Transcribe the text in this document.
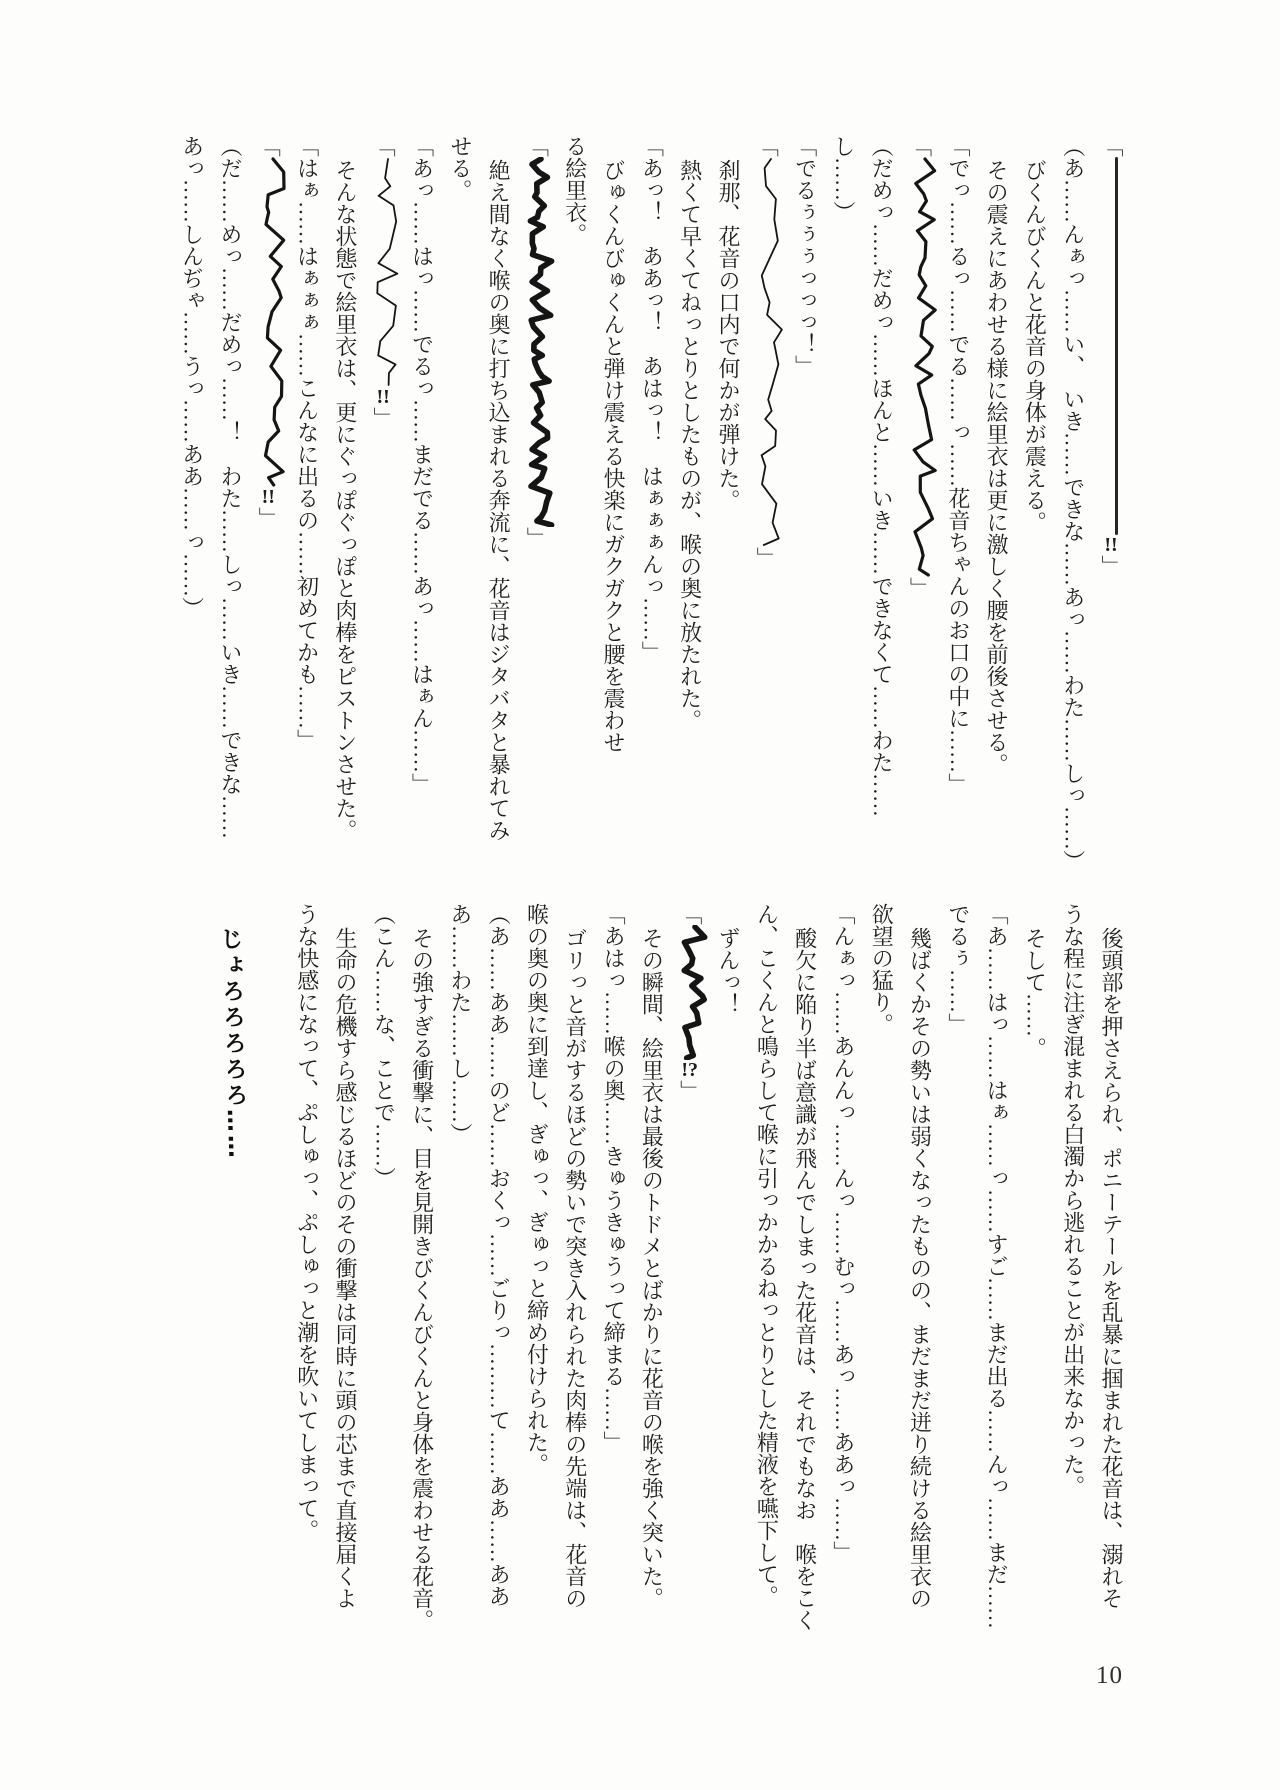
「!!」
（あ……んぁっ……い、　いき……できな……あっ……わた……しっ……）
びくんびくんと花音の身体が震える。
その震えにあわせる様に絵里衣は更に激しく腰を前後させる。
「でっ……るっ……でる……っ……花音ちゃんのお口の中に……」
「」
（だめっ……だめっ……ほんと……いき……できなくて……わた……
し……）
「でるぅぅぅっっっ！」
「」
刹那、花音の口内で何かが弾けた。
熱くて早くてねっとりとしたものが、喉の奥に放たれた。
「あっ！　ああっ！　あはっ！　はぁぁぁんっ……」
びゅくんびゅくんと弾け震える快楽にガクガクと腰を震わせ
る絵里衣。
「」
絶え間なく喉の奥に打ち込まれる奔流に、花音はジタバタと暴れてみ
せる。
「あっ……はっ……でるっ……まだでる……あっ……はぁん……」
「!!」
そんな状態で絵里衣は、更にぐっぽぐっぽと肉棒をピストンさせた。
「はぁ……はぁぁぁ……こんなに出るの……初めてかも……」
「!!」
（だ……めっ……だめっ……！　わた……しっ……いき……できな……
あっ……しんぢゃ……うっ……ああ……っ……）
後頭部を押さえられ、ポニーテールを乱暴に掴まれた花音は、溺れそ
うな程に注ぎ混まれる白濁から逃れることが出来なかった。
そして……。
「あ……はっ……はぁ……っ……すご……まだ出る……んっ……まだ……
でるぅ……」
幾ばくかその勢いは弱くなったものの、まだまだ迸り続ける絵里衣の
欲望の猛り。
「んぁっ……あんんっ……んっ……むっ……あっ……ああっ……」
酸欠に陥り半ば意識が飛んでしまった花音は、それでもなお　喉をこく
ん、こくんと鳴らして喉に引っかかるねっとりとした精液を嚥下して。
ずんっ！
「!?」
その瞬間、絵里衣は最後のトドメとばかりに花音の喉を強く突いた。
「あはっ……喉の奥……きゅうきゅうって締まる……」
ゴリっと音がするほどの勢いで突き入れられた肉棒の先端は、花音の
喉の奥の奥に到達し、ぎゅっ、ぎゅっと締め付けられた。
（あ……ああ……のど……おくっ……ごりっ………て……ああ……ああ
あ……わた……し……）
その強すぎる衝撃に、目を見開きびくんびくんと身体を震わせる花音。
（こん……な、ことで……）
生命の危機すら感じるほどのその衝撃は同時に頭の芯まで直接届くよ
うな快感になって、ぷしゅっ、ぷしゅっと潮を吹いてしまって。
じょろろろろろ……
10
